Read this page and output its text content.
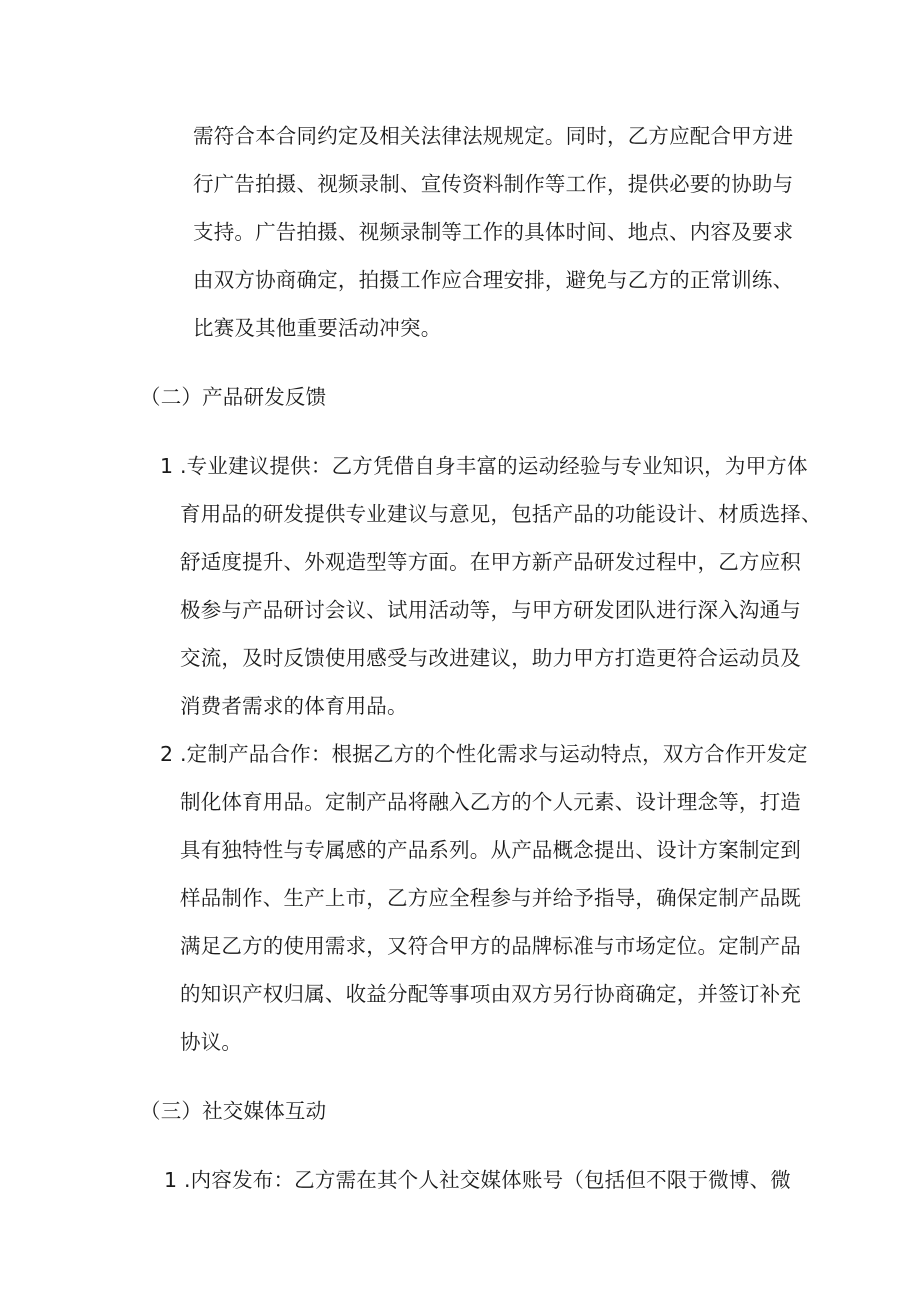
需符合本合同约定及相关法律法规规定。同时，乙方应配合甲方进
行广告拍摄、视频录制、宣传资料制作等工作，提供必要的协助与
支持。广告拍摄、视频录制等工作的具体时间、地点、内容及要求
由双方协商确定，拍摄工作应合理安排，避免与乙方的正常训练、
比赛及其他重要活动冲突。
（二）产品研发反馈
1 .专业建议提供：乙方凭借自身丰富的运动经验与专业知识，为甲方体
育用品的研发提供专业建议与意见，包括产品的功能设计、材质选择、
舒适度提升、外观造型等方面。在甲方新产品研发过程中，乙方应积
极参与产品研讨会议、试用活动等，与甲方研发团队进行深入沟通与
交流，及时反馈使用感受与改进建议，助力甲方打造更符合运动员及
消费者需求的体育用品。
2 .定制产品合作：根据乙方的个性化需求与运动特点，双方合作开发定
制化体育用品。定制产品将融入乙方的个人元素、设计理念等，打造
具有独特性与专属感的产品系列。从产品概念提出、设计方案制定到
样品制作、生产上市，乙方应全程参与并给予指导，确保定制产品既
满足乙方的使用需求，又符合甲方的品牌标准与市场定位。定制产品
的知识产权归属、收益分配等事项由双方另行协商确定，并签订补充
协议。
（三）社交媒体互动
1 .内容发布：乙方需在其个人社交媒体账号（包括但不限于微博、微
